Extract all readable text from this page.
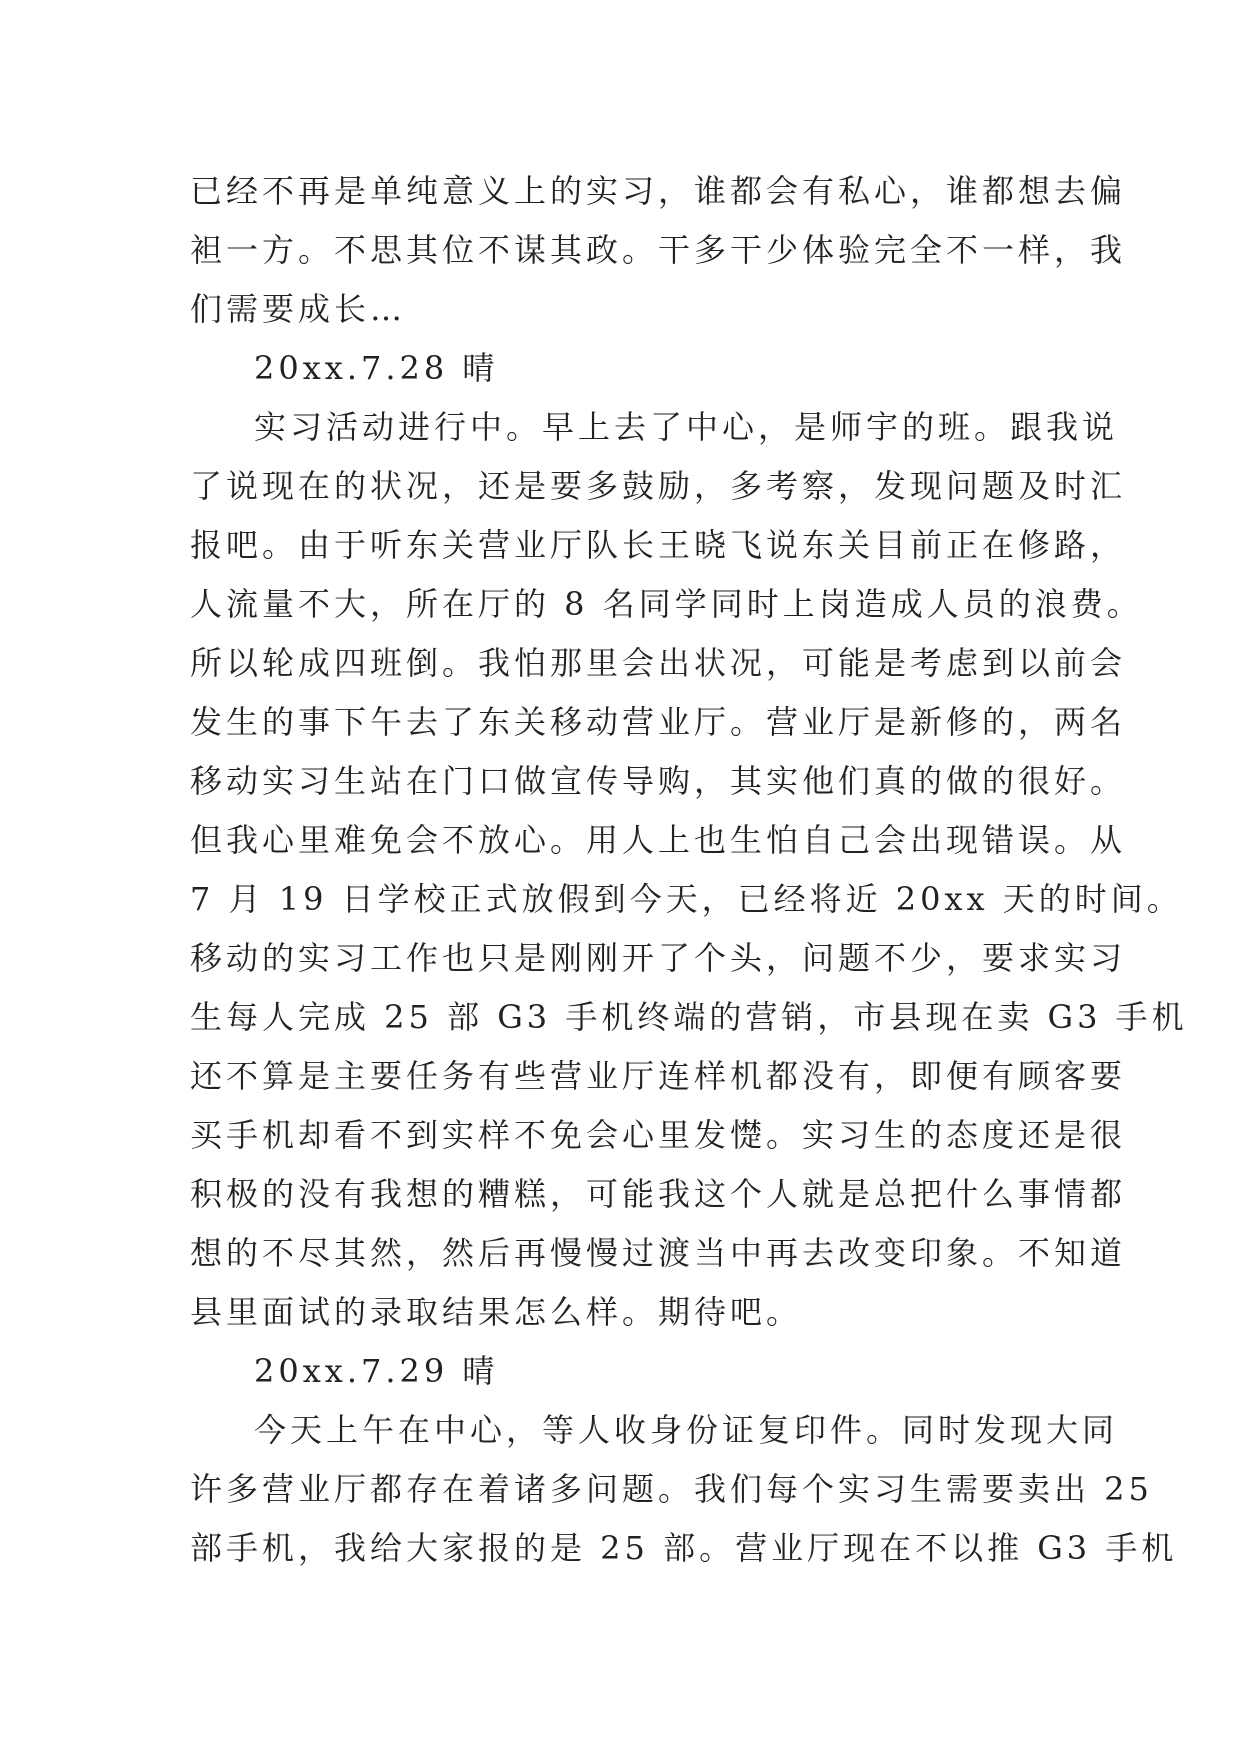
已经不再是单纯意义上的实习，谁都会有私心，谁都想去偏
袒一方。不思其位不谋其政。干多干少体验完全不一样，我
们需要成长…
20xx.7.28 晴
实习活动进行中。早上去了中心，是师宇的班。跟我说
了说现在的状况，还是要多鼓励，多考察，发现问题及时汇
报吧。由于听东关营业厅队长王晓飞说东关目前正在修路，
人流量不大，所在厅的 8 名同学同时上岗造成人员的浪费。
所以轮成四班倒。我怕那里会出状况，可能是考虑到以前会
发生的事下午去了东关移动营业厅。营业厅是新修的，两名
移动实习生站在门口做宣传导购，其实他们真的做的很好。
但我心里难免会不放心。用人上也生怕自己会出现错误。从
7 月 19 日学校正式放假到今天，已经将近 20xx 天的时间。
移动的实习工作也只是刚刚开了个头，问题不少，要求实习
生每人完成 25 部 G3 手机终端的营销，市县现在卖 G3 手机
还不算是主要任务有些营业厅连样机都没有，即便有顾客要
买手机却看不到实样不免会心里发憷。实习生的态度还是很
积极的没有我想的糟糕，可能我这个人就是总把什么事情都
想的不尽其然，然后再慢慢过渡当中再去改变印象。不知道
县里面试的录取结果怎么样。期待吧。
20xx.7.29 晴
今天上午在中心，等人收身份证复印件。同时发现大同
许多营业厅都存在着诸多问题。我们每个实习生需要卖出 25
部手机，我给大家报的是 25 部。营业厅现在不以推 G3 手机
